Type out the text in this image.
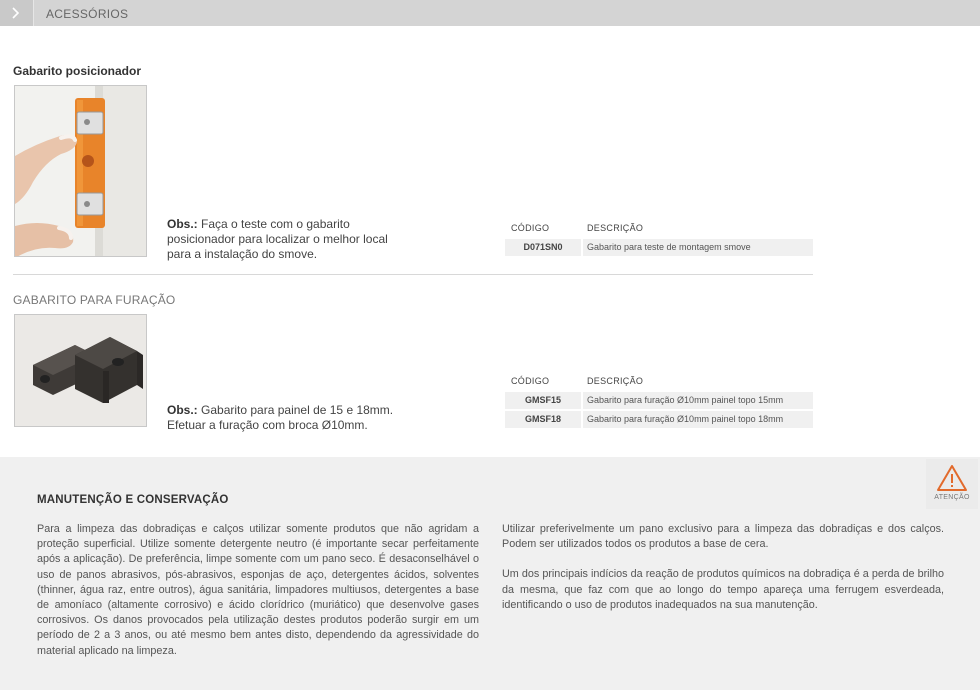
ACESSÓRIOS
Gabarito posicionador
Obs.: Faça o teste com o gabarito posicionador para localizar o melhor local para a instalação do smove.
CÓDIGO	DESCRIÇÃO
D071SN0	Gabarito para teste de montagem smove
GABARITO PARA FURAÇÃO
Obs.: Gabarito para painel de 15 e 18mm. Efetuar a furação com broca Ø10mm.
CÓDIGO	DESCRIÇÃO
GMSF15	Gabarito para furação Ø10mm painel topo 15mm
GMSF18	Gabarito para furação Ø10mm painel topo 18mm
MANUTENÇÃO E CONSERVAÇÃO
Para a limpeza das dobradiças e calços utilizar somente produtos que não agridam a proteção superficial. Utilize somente detergente neutro (é importante secar perfeitamente após a aplicação). De preferência, limpe somente com um pano seco. É desaconselhável o uso de panos abrasivos, pós-abrasivos, esponjas de aço, detergentes ácidos, solventes (thinner, água raz, entre outros), água sanitária, limpadores multiusos, detergentes a base de amoníaco (altamente corrosivo) e ácido clorídrico (muriático) que desenvolve gases corrosivos. Os danos provocados pela utilização destes produtos poderão surgir em um período de 2 a 3 anos, ou até mesmo bem antes disto, dependendo da agressividade do material aplicado na limpeza.

Utilizar preferivelmente um pano exclusivo para a limpeza das dobradiças e dos calços. Podem ser utilizados todos os produtos a base de cera.

Um dos principais indícios da reação de produtos químicos na dobradiça é a perda de brilho da mesma, que faz com que ao longo do tempo apareça uma ferrugem esverdeada, identificando o uso de produtos inadequados na sua manutenção.

ATENÇÃO
